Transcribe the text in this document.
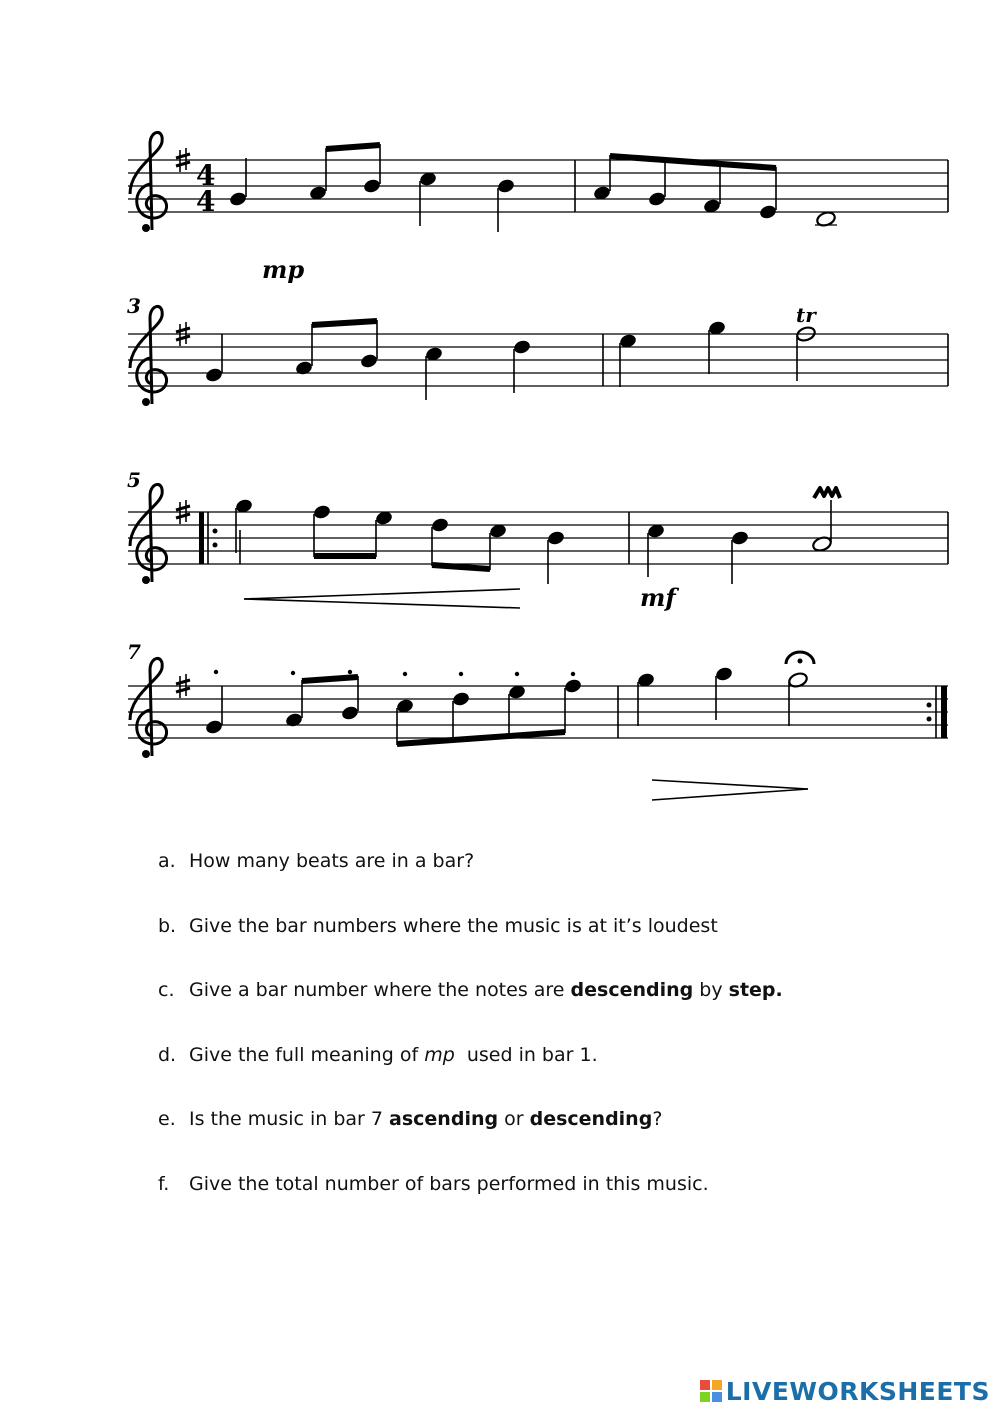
4
4
mp
3	tr
5
mf
7
a. How many beats are in a bar?
b. Give the bar numbers where the music is at it’s loudest
c. Give a bar number where the notes are descending by step.
d. Give the full meaning of mp  used in bar 1.
e. Is the music in bar 7 ascending or descending?
f. Give the total number of bars performed in this music.
LIVEWORKSHEETS
